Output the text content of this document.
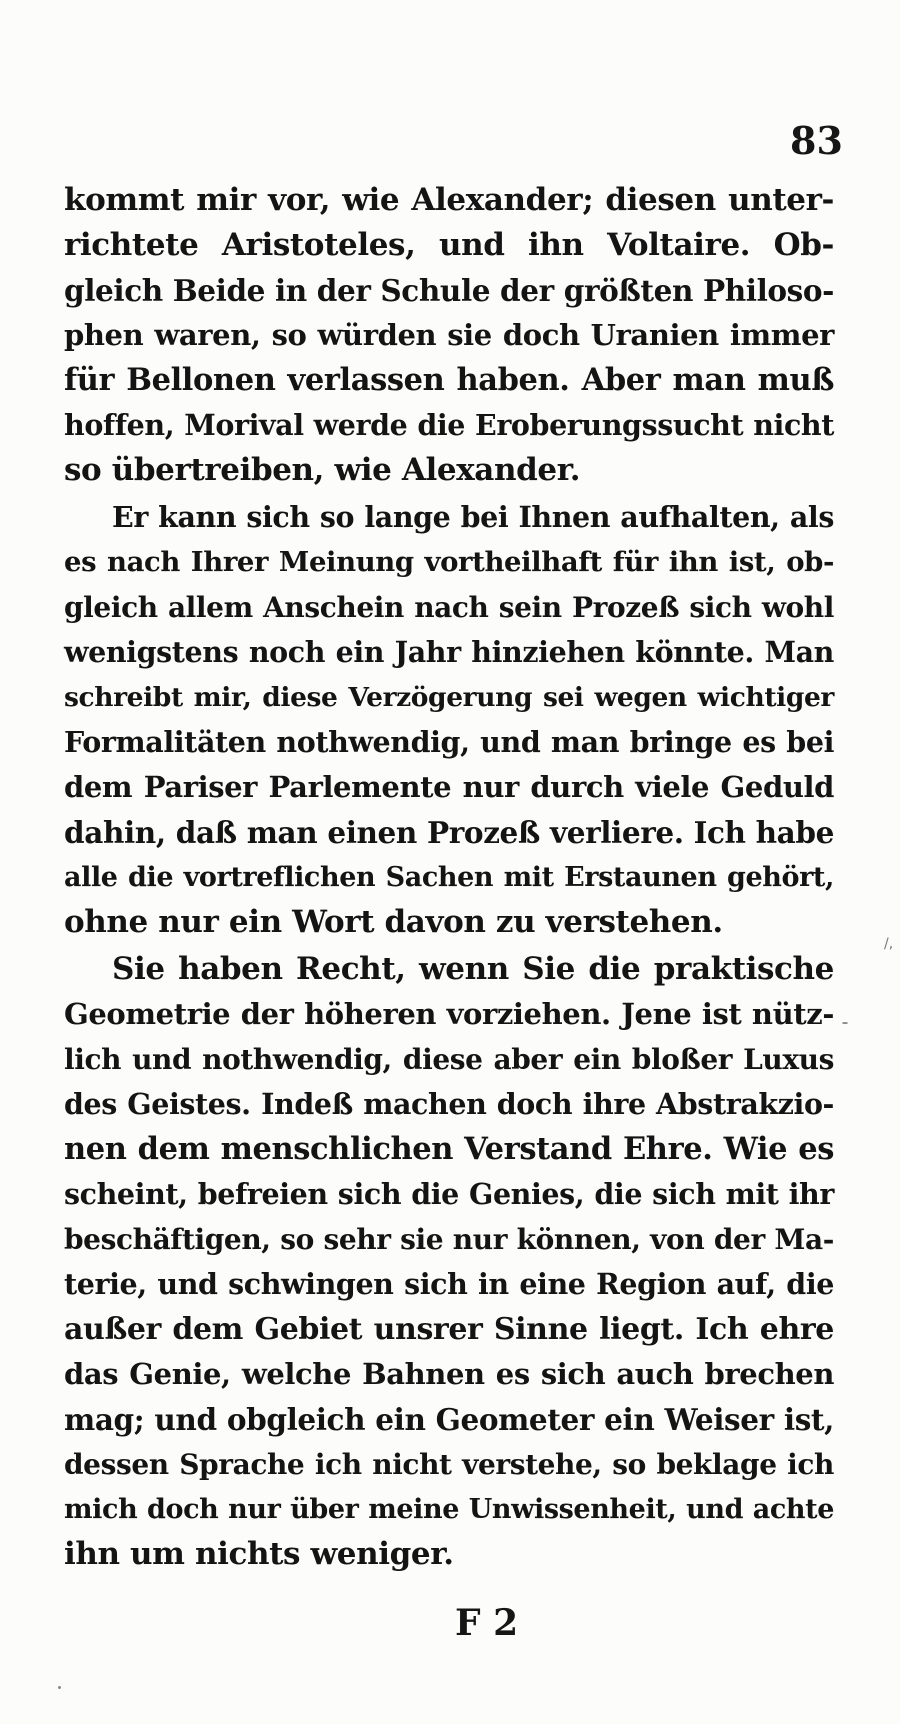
83
kommt mir vor, wie Alexander; diesen unter-
richtete Aristoteles, und ihn Voltaire. Ob-
gleich Beide in der Schule der größten Philoso-
phen waren, so würden sie doch Uranien immer
für Bellonen verlassen haben. Aber man muß
hoffen, Morival werde die Eroberungssucht nicht
so übertreiben, wie Alexander.
Er kann sich so lange bei Ihnen aufhalten, als
es nach Ihrer Meinung vortheilhaft für ihn ist, ob-
gleich allem Anschein nach sein Prozeß sich wohl
wenigstens noch ein Jahr hinziehen könnte. Man
schreibt mir, diese Verzögerung sei wegen wichtiger
Formalitäten nothwendig, und man bringe es bei
dem Pariser Parlemente nur durch viele Geduld
dahin, daß man einen Prozeß verliere. Ich habe
alle die vortreflichen Sachen mit Erstaunen gehört,
ohne nur ein Wort davon zu verstehen.
Sie haben Recht, wenn Sie die praktische
Geometrie der höheren vorziehen. Jene ist nütz-
lich und nothwendig, diese aber ein bloßer Luxus
des Geistes. Indeß machen doch ihre Abstrakzio-
nen dem menschlichen Verstand Ehre. Wie es
scheint, befreien sich die Genies, die sich mit ihr
beschäftigen, so sehr sie nur können, von der Ma-
terie, und schwingen sich in eine Region auf, die
außer dem Gebiet unsrer Sinne liegt. Ich ehre
das Genie, welche Bahnen es sich auch brechen
mag; und obgleich ein Geometer ein Weiser ist,
dessen Sprache ich nicht verstehe, so beklage ich
mich doch nur über meine Unwissenheit, und achte
ihn um nichts weniger.
F 2
/,
